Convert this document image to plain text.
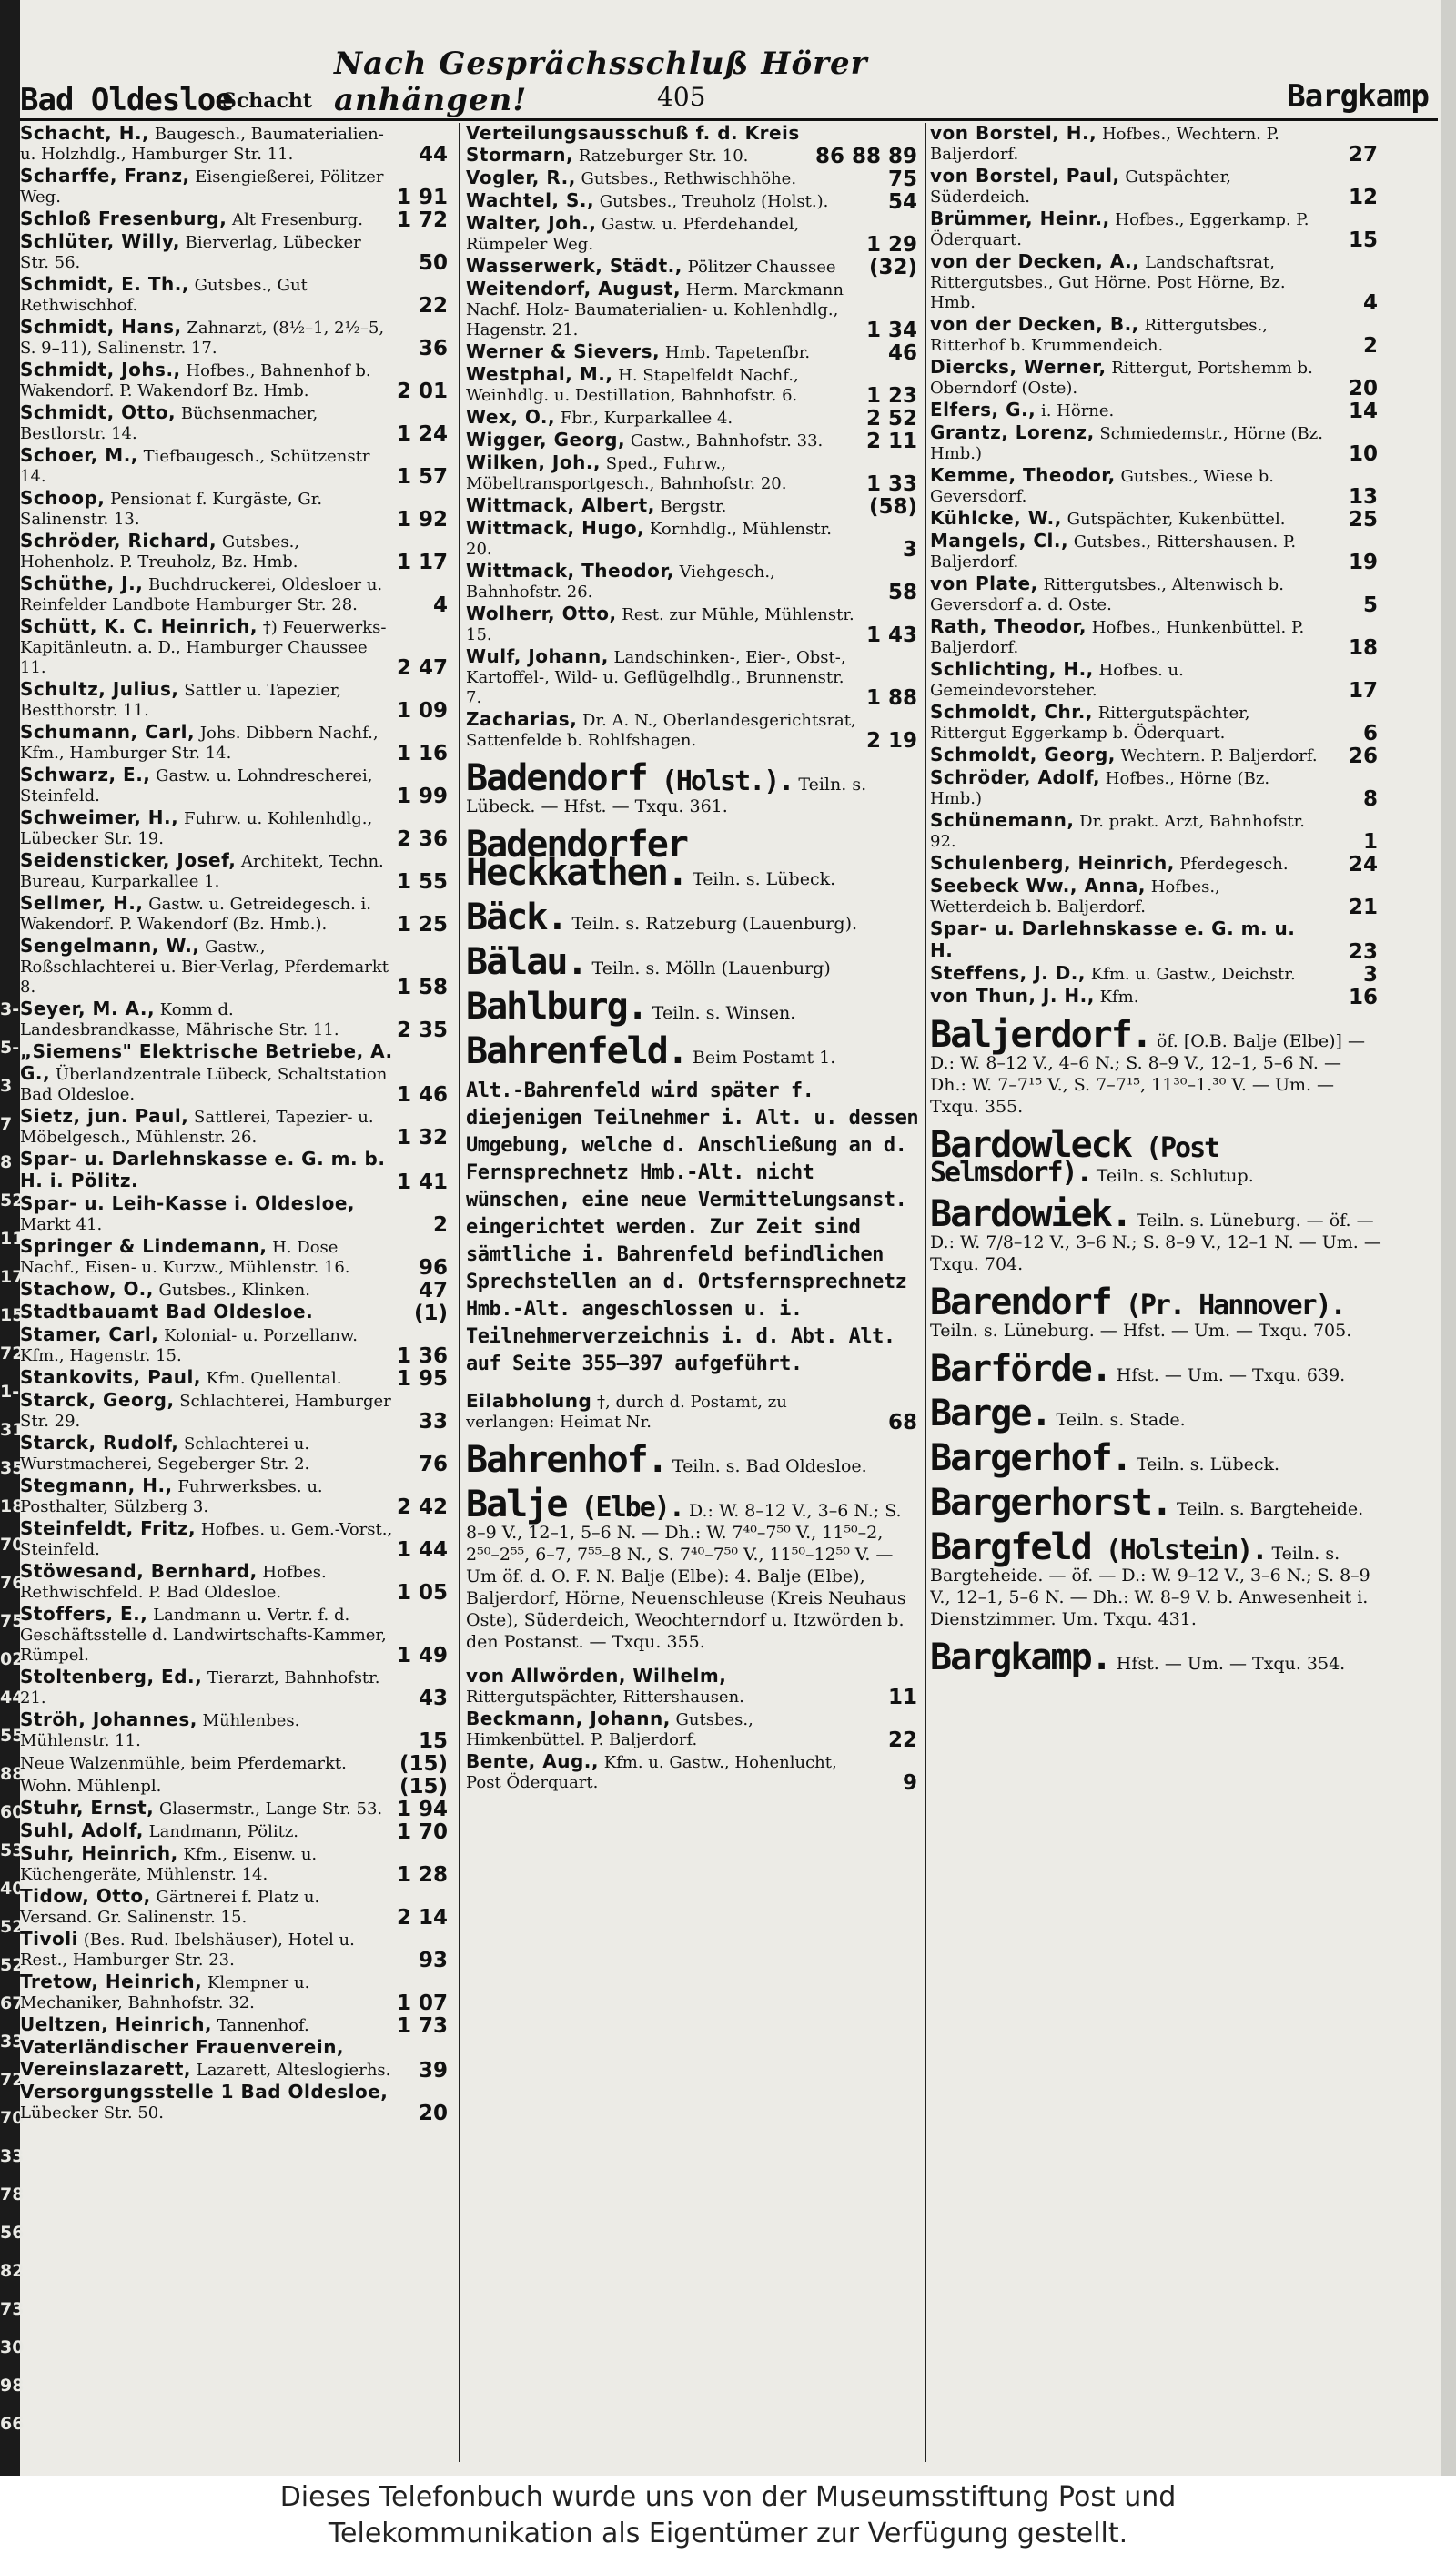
3-
5-
3
7
8
52
11
17
15
72
1-
31
35
18
70
76
75
02
44
55
88
60
53
40
52
52
67
33
72
70
33
78
56
82
73
30
98
66
Bad Oldesloe
Schacht
Nach Gesprächsschluß Hörer anhängen!	405	Bargkamp
Schacht, H., Baugesch., Baumaterialien- u. Holzhdlg., Hamburger Str. 11.	44
Scharffe, Franz, Eisengießerei, Pölitzer Weg.	1 91
Schloß Fresenburg, Alt Fresenburg. 1 72
Schlüter, Willy, Bierverlag, Lübecker Str. 56.	50
Schmidt, E. Th., Gutsbes., Gut Rethwischhof.	22
Schmidt, Hans, Zahnarzt, (8½–1, 2½–5, S. 9–11), Salinenstr. 17.	36
Schmidt, Johs., Hofbes., Bahnenhof b. Wakendorf. P. Wakendorf Bz. Hmb.	2 01
Schmidt, Otto, Büchsenmacher, Bestlorstr. 14.	1 24
Schoer, M., Tiefbaugesch., Schützenstr 14.	1 57
Schoop, Pensionat f. Kurgäste, Gr. Salinenstr. 13.	1 92
Schröder, Richard, Gutsbes., Hohenholz. P. Treuholz, Bz. Hmb.	1 17
Schüthe, J., Buchdruckerei, Oldesloer u. Reinfelder Landbote Hamburger Str. 28.	4
Schütt, K. C. Heinrich, †) Feuerwerks-Kapitänleutn. a. D., Hamburger Chaussee 11.	2 47
Schultz, Julius, Sattler u. Tapezier, Bestthorstr. 11.	1 09
Schumann, Carl, Johs. Dibbern Nachf., Kfm., Hamburger Str. 14.	1 16
Schwarz, E., Gastw. u. Lohndrescherei, Steinfeld.	1 99
Schweimer, H., Fuhrw. u. Kohlenhdlg., Lübecker Str. 19.	2 36
Seidensticker, Josef, Architekt, Techn. Bureau, Kurparkallee 1.	1 55
Sellmer, H., Gastw. u. Getreidegesch. i. Wakendorf. P. Wakendorf (Bz. Hmb.).	1 25
Sengelmann, W., Gastw., Roßschlachterei u. Bier-Verlag, Pferdemarkt 8.	1 58
Seyer, M. A., Komm d. Landesbrandkasse, Mährische Str. 11.	2 35
„Siemens" Elektrische Betriebe, A. G., Überlandzentrale Lübeck, Schaltstation Bad Oldesloe.	1 46
Sietz, jun. Paul, Sattlerei, Tapezier- u. Möbelgesch., Mühlenstr. 26.	1 32
Spar- u. Darlehnskasse e. G. m. b. H. i. Pölitz.	1 41
Spar- u. Leih-Kasse i. Oldesloe, Markt 41.	2
Springer & Lindemann, H. Dose Nachf., Eisen- u. Kurzw., Mühlenstr. 16.	96
Stachow, O., Gutsbes., Klinken.	47
Stadtbauamt Bad Oldesloe.	(1)
Stamer, Carl, Kolonial- u. Porzellanw. Kfm., Hagenstr. 15.	1 36
Stankovits, Paul, Kfm. Quellental.	1 95
Starck, Georg, Schlachterei, Hamburger Str. 29.	33
Starck, Rudolf, Schlachterei u. Wurstmacherei, Segeberger Str. 2.	76
Stegmann, H., Fuhrwerksbes. u. Posthalter, Sülzberg 3.	2 42
Steinfeldt, Fritz, Hofbes. u. Gem.-Vorst., Steinfeld.	1 44
Stöwesand, Bernhard, Hofbes. Rethwischfeld. P. Bad Oldesloe.	1 05
Stoffers, E., Landmann u. Vertr. f. d. Geschäftsstelle d. Landwirtschafts-Kammer, Rümpel.	1 49
Stoltenberg, Ed., Tierarzt, Bahnhofstr. 21.	43
Ströh, Johannes, Mühlenbes. Mühlenstr. 11.	15
Neue Walzenmühle, beim Pferdemarkt.	(15)
Wohn. Mühlenpl.	(15)
Stuhr, Ernst, Glasermstr., Lange Str. 53. 1 94
Suhl, Adolf, Landmann, Pölitz.	1 70
Suhr, Heinrich, Kfm., Eisenw. u. Küchengeräte, Mühlenstr. 14.	1 28
Tidow, Otto, Gärtnerei f. Platz u. Versand. Gr. Salinenstr. 15.	2 14
Tivoli (Bes. Rud. Ibelshäuser), Hotel u. Rest., Hamburger Str. 23.	93
Tretow, Heinrich, Klempner u. Mechaniker, Bahnhofstr. 32.	1 07
Ueltzen, Heinrich, Tannenhof.	1 73
Vaterländischer Frauenverein, Vereinslazarett, Lazarett, Alteslogierhs. 39
Versorgungsstelle 1 Bad Oldesloe, Lübecker Str. 50.	20
Verteilungsausschuß f. d. Kreis Stormarn, Ratzeburger Str. 10.	86 88 89
Vogler, R., Gutsbes., Rethwischhöhe.	75
Wachtel, S., Gutsbes., Treuholz (Holst.).	54
Walter, Joh., Gastw. u. Pferdehandel, Rümpeler Weg.	1 29
Wasserwerk, Städt., Pölitzer Chaussee (32)
Weitendorf, August, Herm. Marckmann Nachf. Holz- Baumaterialien- u. Kohlenhdlg., Hagenstr. 21.	1 34
Werner & Sievers, Hmb. Tapetenfbr.	46
Westphal, M., H. Stapelfeldt Nachf., Weinhdlg. u. Destillation, Bahnhofstr. 6.	1 23
Wex, O., Fbr., Kurparkallee 4.	2 52
Wigger, Georg, Gastw., Bahnhofstr. 33. 2 11
Wilken, Joh., Sped., Fuhrw., Möbeltransportgesch., Bahnhofstr. 20.	1 33
Wittmack, Albert, Bergstr.	(58)
Wittmack, Hugo, Kornhdlg., Mühlenstr. 20.	3
Wittmack, Theodor, Viehgesch., Bahnhofstr. 26.	58
Wolherr, Otto, Rest. zur Mühle, Mühlenstr. 15.	1 43
Wulf, Johann, Landschinken-, Eier-, Obst-, Kartoffel-, Wild- u. Geflügelhdlg., Brunnenstr. 7.	1 88
Zacharias, Dr. A. N., Oberlandesgerichtsrat, Sattenfelde b. Rohlfshagen.	2 19
Badendorf (Holst.). Teiln. s. Lübeck. — Hfst. — Txqu. 361.
Badendorfer Heckkathen. Teiln. s. Lübeck.
Bäck. Teiln. s. Ratzeburg (Lauenburg).
Bälau. Teiln. s. Mölln (Lauenburg)
Bahlburg. Teiln. s. Winsen.
Bahrenfeld. Beim Postamt 1.
Alt.-Bahrenfeld wird später f. diejenigen Teilnehmer i. Alt. u. dessen Umgebung, welche d. Anschließung an d. Fernsprechnetz Hmb.-Alt. nicht wünschen, eine neue Vermittelungsanst. eingerichtet werden. Zur Zeit sind sämtliche i. Bahrenfeld befindlichen Sprechstellen an d. Ortsfernsprechnetz Hmb.-Alt. angeschlossen u. i. Teilnehmerverzeichnis i. d. Abt. Alt. auf Seite 355–397 aufgeführt.
Eilabholung †, durch d. Postamt, zu verlangen: Heimat Nr.	68
Bahrenhof. Teiln. s. Bad Oldesloe.
Balje (Elbe). D.: W. 8–12 V., 3–6 N.; S. 8–9 V., 12–1, 5–6 N. — Dh.: W. 7⁴⁰–7⁵⁰ V., 11⁵⁰–2, 2⁵⁰–2⁵⁵, 6–7, 7⁵⁵–8 N., S. 7⁴⁰–7⁵⁰ V., 11⁵⁰–12⁵⁰ V. — Um öf. d. O. F. N. Balje (Elbe): 4. Balje (Elbe), Baljerdorf, Hörne, Neuenschleuse (Kreis Neuhaus Oste), Süderdeich, Weochterndorf u. Itzwörden b. den Postanst. — Txqu. 355.
von Allwörden, Wilhelm, Rittergutspächter, Rittershausen.	11
Beckmann, Johann, Gutsbes., Himkenbüttel. P. Baljerdorf.	22
Bente, Aug., Kfm. u. Gastw., Hohenlucht, Post Öderquart.	9
von Borstel, H., Hofbes., Wechtern. P. Baljerdorf.	27
von Borstel, Paul, Gutspächter, Süderdeich.	12
Brümmer, Heinr., Hofbes., Eggerkamp. P. Öderquart.	15
von der Decken, A., Landschaftsrat, Rittergutsbes., Gut Hörne. Post Hörne, Bz. Hmb.	4
von der Decken, B., Rittergutsbes., Ritterhof b. Krummendeich.	2
Diercks, Werner, Rittergut, Portshemm b. Oberndorf (Oste).	20
Elfers, G., i. Hörne.	14
Grantz, Lorenz, Schmiedemstr., Hörne (Bz. Hmb.)	10
Kemme, Theodor, Gutsbes., Wiese b. Geversdorf.	13
Kühlcke, W., Gutspächter, Kukenbüttel.	25
Mangels, Cl., Gutsbes., Rittershausen. P. Baljerdorf.	19
von Plate, Rittergutsbes., Altenwisch b. Geversdorf a. d. Oste.	5
Rath, Theodor, Hofbes., Hunkenbüttel. P. Baljerdorf.	18
Schlichting, H., Hofbes. u. Gemeindevorsteher.	17
Schmoldt, Chr., Rittergutspächter, Rittergut Eggerkamp b. Öderquart.	6
Schmoldt, Georg, Wechtern. P. Baljerdorf. 26
Schröder, Adolf, Hofbes., Hörne (Bz. Hmb.)	8
Schünemann, Dr. prakt. Arzt, Bahnhofstr. 92.	1
Schulenberg, Heinrich, Pferdegesch.	24
Seebeck Ww., Anna, Hofbes., Wetterdeich b. Baljerdorf.	21
Spar- u. Darlehnskasse e. G. m. u. H.	23
Steffens, J. D., Kfm. u. Gastw., Deichstr.	3
von Thun, J. H., Kfm.	16
Baljerdorf. öf. [O.B. Balje (Elbe)] — D.: W. 8–12 V., 4–6 N.; S. 8–9 V., 12–1, 5–6 N. — Dh.: W. 7–7¹⁵ V., S. 7–7¹⁵, 11³⁰–1.³⁰ V. — Um. — Txqu. 355.
Bardowleck (Post Selmsdorf). Teiln. s. Schlutup.
Bardowiek. Teiln. s. Lüneburg. — öf. — D.: W. 7/8–12 V., 3–6 N.; S. 8–9 V., 12–1 N. — Um. — Txqu. 704.
Barendorf (Pr. Hannover). Teiln. s. Lüneburg. — Hfst. — Um. — Txqu. 705.
Barförde. Hfst. — Um. — Txqu. 639.
Barge. Teiln. s. Stade.
Bargerhof. Teiln. s. Lübeck.
Bargerhorst. Teiln. s. Bargteheide.
Bargfeld (Holstein). Teiln. s. Bargteheide. — öf. — D.: W. 9–12 V., 3–6 N.; S. 8–9 V., 12–1, 5–6 N. — Dh.: W. 8–9 V. b. Anwesenheit i. Dienstzimmer. Um. Txqu. 431.
Bargkamp. Hfst. — Um. — Txqu. 354.
Dieses Telefonbuch wurde uns von der Museumsstiftung Post und
Telekommunikation als Eigentümer zur Verfügung gestellt.
